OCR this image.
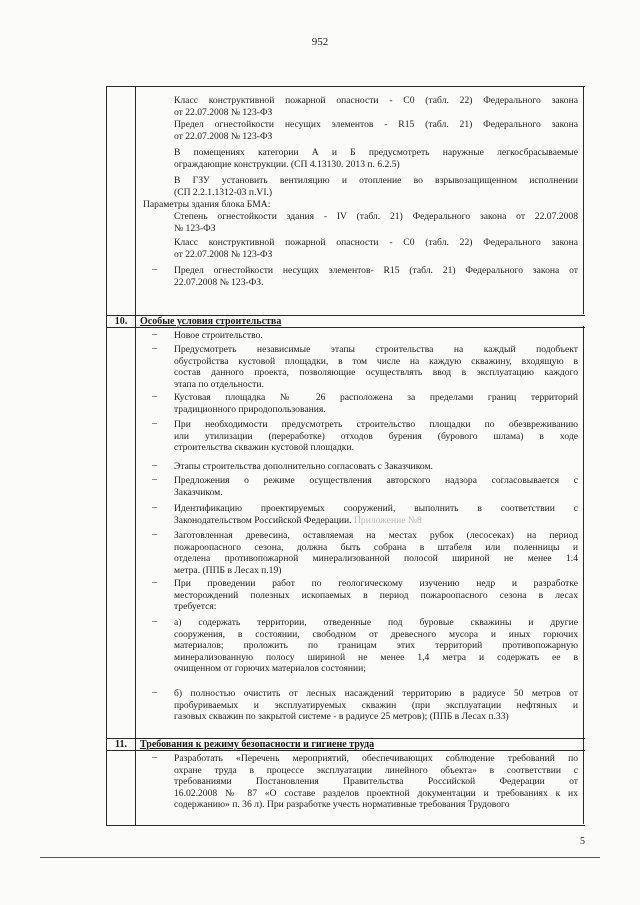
952
10.	Особые условия строительства
11.	Требования к режиму безопасности и гигиене труда
Класс конструктивной пожарной опасности - С0 (табл. 22) Федерального закона
от 22.07.2008 № 123-ФЗ
Предел огнестойкости несущих элементов - R15 (табл. 21) Федерального закона
от 22.07.2008 № 123-ФЗ
В помещениях категории А и Б предусмотреть наружные легкосбрасываемые
ограждающие конструкции. (СП 4.13130. 2013 п. 6.2.5)
В ГЗУ установить вентиляцию и отопление во взрывозащищенном исполнении
(СП 2.2.1.1312-03 п.VI.)
Параметры здания блока БМА:
Степень огнестойкости здания - IV (табл. 21) Федерального закона от 22.07.2008
№ 123-ФЗ
Класс конструктивной пожарной опасности - С0 (табл. 22) Федерального закона
от 22.07.2008 № 123-ФЗ
Предел огнестойкости несущих элементов- R15 (табл. 21) Федерального закона от
22.07.2008 № 123-ФЗ.
–
– Новое строительство.
– Предусмотреть независимые этапы строительства на каждый подобъект
обустройства кустовой площадки, в том числе на каждую скважину, входящую в
состав данного проекта, позволяющие осуществлять ввод в эксплуатацию каждого
этапа по отдельности.
– Кустовая площадка № 26 расположена за пределами границ территорий
традиционного природопользования.
– При необходимости предусмотреть строительство площадки по обезвреживанию
или утилизации (переработке) отходов бурения (бурового шлама) в ходе
строительства скважин кустовой площадки.
– Этапы строительства дополнительно согласовать с Заказчиком.
– Предложения о режиме осуществления авторского надзора согласовывается с
Заказчиком.
– Идентификацию проектируемых сооружений, выполнить в соответствии с
Законодательством Российской Федерации. Приложение №8
– Заготовленная древесина, оставляемая на местах рубок (лесосеках) на период
пожароопасного сезона, должна быть собрана в штабеля или поленницы и
отделена противопожарной минерализованной полосой шириной не менее 1.4
метра. (ППБ в Лесах п.19)
– При проведении работ по геологическому изучению недр и разработке
месторождений полезных ископаемых в период пожароопасного сезона в лесах
требуется:
– а) содержать территории, отведенные под буровые скважины и другие
сооружения, в состоянии, свободном от древесного мусора и иных горючих
материалов; проложить по границам этих территорий противопожарную
минерализованную полосу шириной не менее 1,4 метра и содержать ее в
очищенном от горючих материалов состоянии;
– б) полностью очистить от лесных насаждений территорию в радиусе 50 метров от
пробуриваемых и эксплуатируемых скважин (при эксплуатации нефтяных и
газовых скважин по закрытой системе - в радиусе 25 метров); (ППБ в Лесах п.33)
– Разработать «Перечень мероприятий, обеспечивающих соблюдение требований по
охране труда в процессе эксплуатации линейного объекта» в соответствии с
требованиями Постановления Правительства Российской Федерации от
16.02.2008 № 87 «О составе разделов проектной документации и требованиях к их
содержанию» п. 36 л). При разработке учесть нормативные требования Трудового
5
